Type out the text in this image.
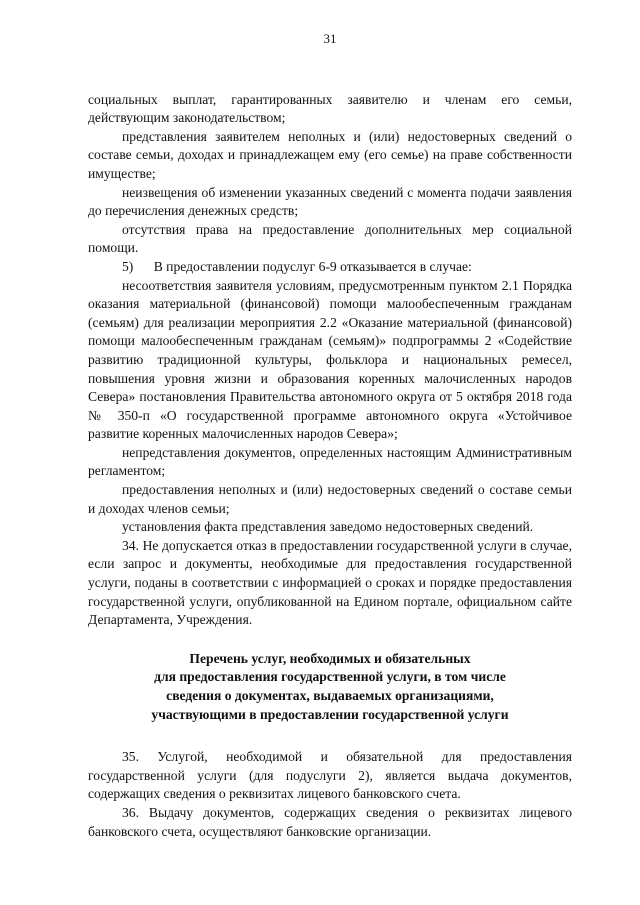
31

социальных выплат, гарантированных заявителю и членам его семьи, действующим законодательством;

представления заявителем неполных и (или) недостоверных сведений о составе семьи, доходах и принадлежащем ему (его семье) на праве собственности имуществе;

неизвещения об изменении указанных сведений с момента подачи заявления до перечисления денежных средств;

отсутствия права на предоставление дополнительных мер социальной помощи.

5)      В предоставлении подуслуг 6-9 отказывается в случае:

несоответствия заявителя условиям, предусмотренным пунктом 2.1 Порядка оказания материальной (финансовой) помощи малообеспеченным гражданам (семьям) для реализации мероприятия 2.2 «Оказание материальной (финансовой) помощи малообеспеченным гражданам (семьям)» подпрограммы 2 «Содействие развитию традиционной культуры, фольклора и национальных ремесел, повышения уровня жизни и образования коренных малочисленных народов Севера» постановления Правительства автономного округа от 5 октября 2018 года № 350-п «О государственной программе автономного округа «Устойчивое развитие коренных малочисленных народов Севера»;

непредставления документов, определенных настоящим Административным регламентом;

предоставления неполных и (или) недостоверных сведений о составе семьи и доходах членов семьи;

установления факта представления заведомо недостоверных сведений.

34. Не допускается отказ в предоставлении государственной услуги в случае, если запрос и документы, необходимые для предоставления государственной услуги, поданы в соответствии с информацией о сроках и порядке предоставления государственной услуги, опубликованной на Едином портале, официальном сайте Департамента, Учреждения.

Перечень услуг, необходимых и обязательных
для предоставления государственной услуги, в том числе
сведения о документах, выдаваемых организациями,
участвующими в предоставлении государственной услуги

35. Услугой, необходимой и обязательной для предоставления государственной услуги (для подуслуги 2), является выдача документов, содержащих сведения о реквизитах лицевого банковского счета.

36. Выдачу документов, содержащих сведения о реквизитах лицевого банковского счета, осуществляют банковские организации.
